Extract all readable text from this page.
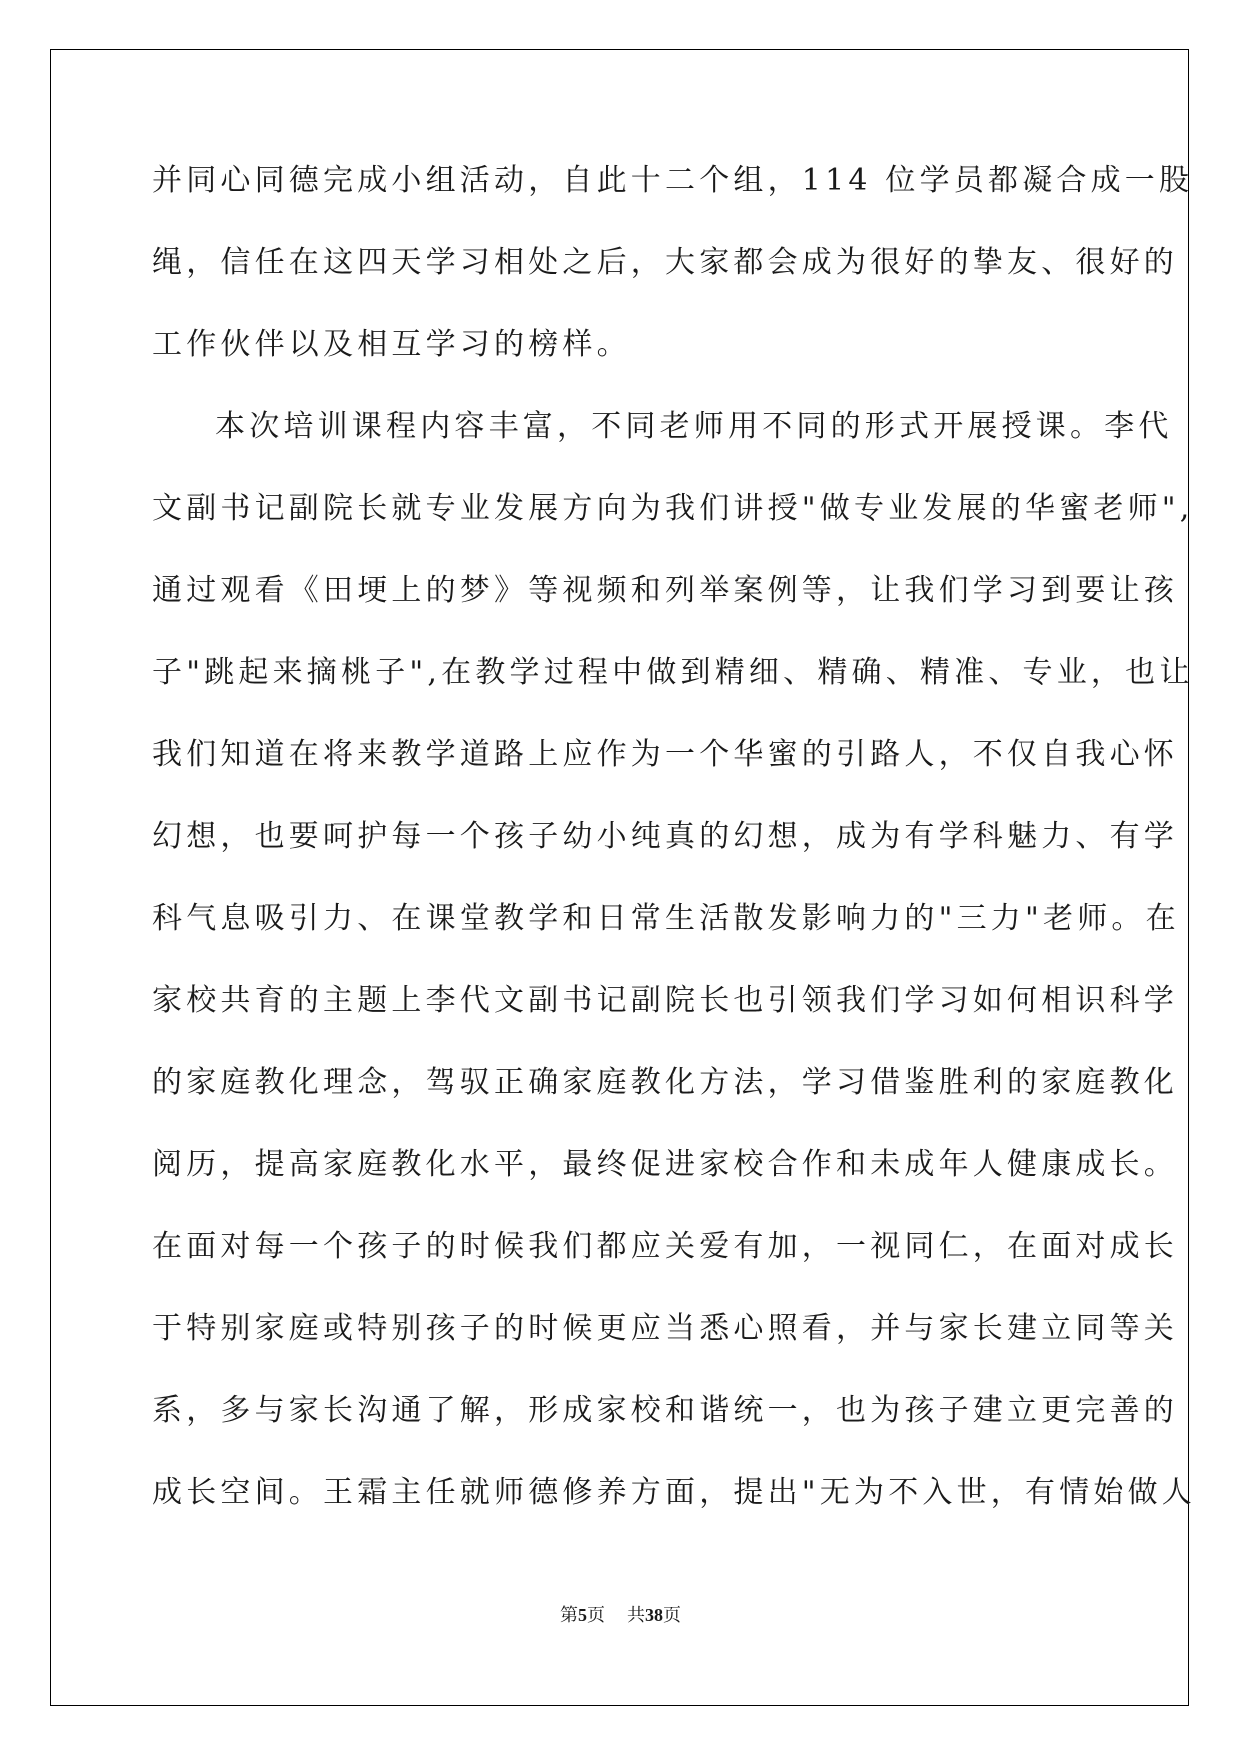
并同心同德完成小组活动，自此十二个组，114 位学员都凝合成一股
绳，信任在这四天学习相处之后，大家都会成为很好的挚友、很好的
工作伙伴以及相互学习的榜样。
本次培训课程内容丰富，不同老师用不同的形式开展授课。李代
文副书记副院长就专业发展方向为我们讲授"做专业发展的华蜜老师",
通过观看《田埂上的梦》等视频和列举案例等，让我们学习到要让孩
子"跳起来摘桃子",在教学过程中做到精细、精确、精准、专业，也让
我们知道在将来教学道路上应作为一个华蜜的引路人，不仅自我心怀
幻想，也要呵护每一个孩子幼小纯真的幻想，成为有学科魅力、有学
科气息吸引力、在课堂教学和日常生活散发影响力的"三力"老师。在
家校共育的主题上李代文副书记副院长也引领我们学习如何相识科学
的家庭教化理念，驾驭正确家庭教化方法，学习借鉴胜利的家庭教化
阅历，提高家庭教化水平，最终促进家校合作和未成年人健康成长。
在面对每一个孩子的时候我们都应关爱有加，一视同仁，在面对成长
于特别家庭或特别孩子的时候更应当悉心照看，并与家长建立同等关
系，多与家长沟通了解，形成家校和谐统一，也为孩子建立更完善的
成长空间。王霜主任就师德修养方面，提出"无为不入世，有情始做人
第5页 共38页
